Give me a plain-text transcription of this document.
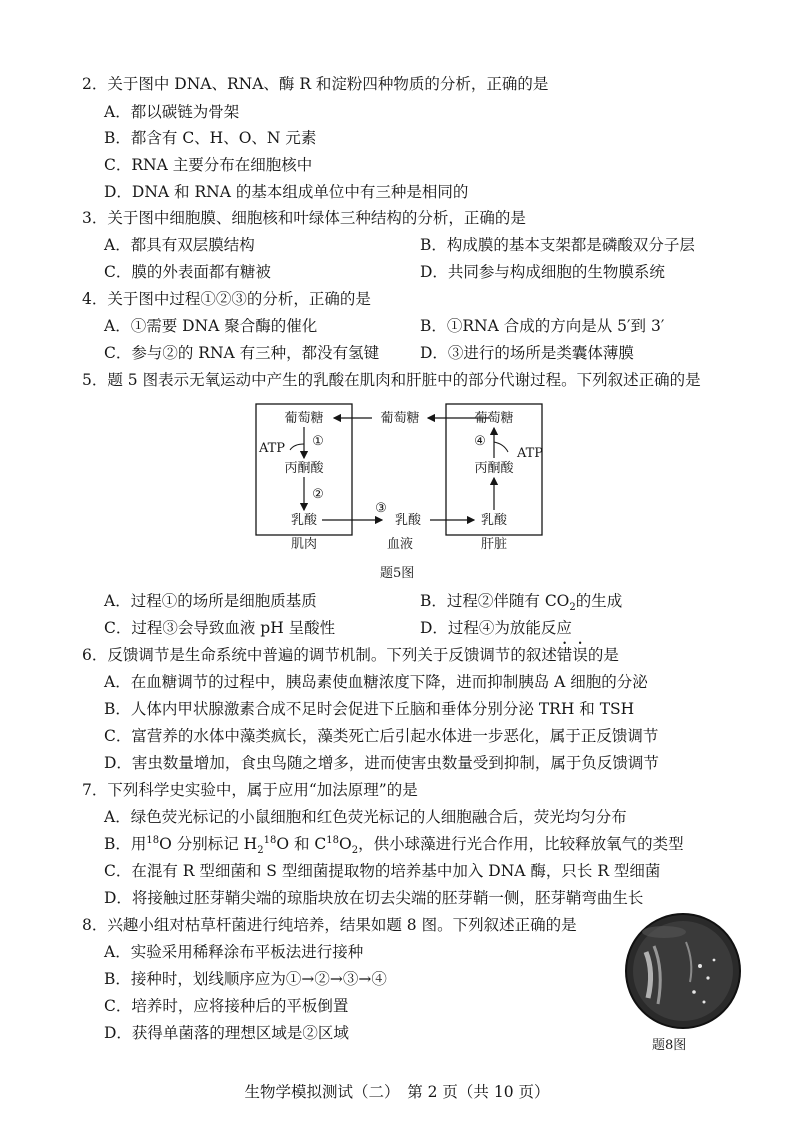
2．关于图中 DNA、RNA、酶 R 和淀粉四种物质的分析，正确的是
A．都以碳链为骨架
B．都含有 C、H、O、N 元素
C．RNA 主要分布在细胞核中
D．DNA 和 RNA 的基本组成单位中有三种是相同的
3．关于图中细胞膜、细胞核和叶绿体三种结构的分析，正确的是
A．都具有双层膜结构	B．构成膜的基本支架都是磷酸双分子层
C．膜的外表面都有糖被	D．共同参与构成细胞的生物膜系统
4．关于图中过程①②③的分析，正确的是
A．①需要 DNA 聚合酶的催化	B．①RNA 合成的方向是从 5′到 3′
C．参与②的 RNA 有三种，都没有氢键	D．③进行的场所是类囊体薄膜
5．题 5 图表示无氧运动中产生的乳酸在肌肉和肝脏中的部分代谢过程。下列叙述正确的是
葡萄糖
ATP ①
丙酮酸
②
乳酸
葡萄糖
③
乳酸
葡萄糖
ATP
④
丙酮酸
乳酸
肌肉	血液	肝脏
题5图
A．过程①的场所是细胞质基质	B．过程②伴随有 $CO_2$的生成
C．过程③会导致血液 pH 呈酸性	D．过程④为放能反应
6．反馈调节是生命系统中普遍的调节机制。下列关于反馈调节的叙述错误的是
A．在血糖调节的过程中，胰岛素使血糖浓度下降，进而抑制胰岛 A 细胞的分泌
B．人体内甲状腺激素合成不足时会促进下丘脑和垂体分别分泌 TRH 和 TSH
C．富营养的水体中藻类疯长，藻类死亡后引起水体进一步恶化，属于正反馈调节
D．害虫数量增加，食虫鸟随之增多，进而使害虫数量受到抑制，属于负反馈调节
7．下列科学史实验中，属于应用“加法原理”的是
A．绿色荧光标记的小鼠细胞和红色荧光标记的人细胞融合后，荧光均匀分布
B．用$^{18}$O 分别标记 $H_2^{18}O$ 和 $C^{18}O_2$，供小球藻进行光合作用，比较释放氧气的类型
C．在混有 R 型细菌和 S 型细菌提取物的培养基中加入 DNA 酶，只长 R 型细菌
D．将接触过胚芽鞘尖端的琼脂块放在切去尖端的胚芽鞘一侧，胚芽鞘弯曲生长
8．兴趣小组对枯草杆菌进行纯培养，结果如题 8 图。下列叙述正确的是
A．实验采用稀释涂布平板法进行接种
B．接种时，划线顺序应为①→②→③→④
C．培养时，应将接种后的平板倒置
D．获得单菌落的理想区域是②区域
题8图
生物学模拟测试（二）　第 2 页（共 10 页）
